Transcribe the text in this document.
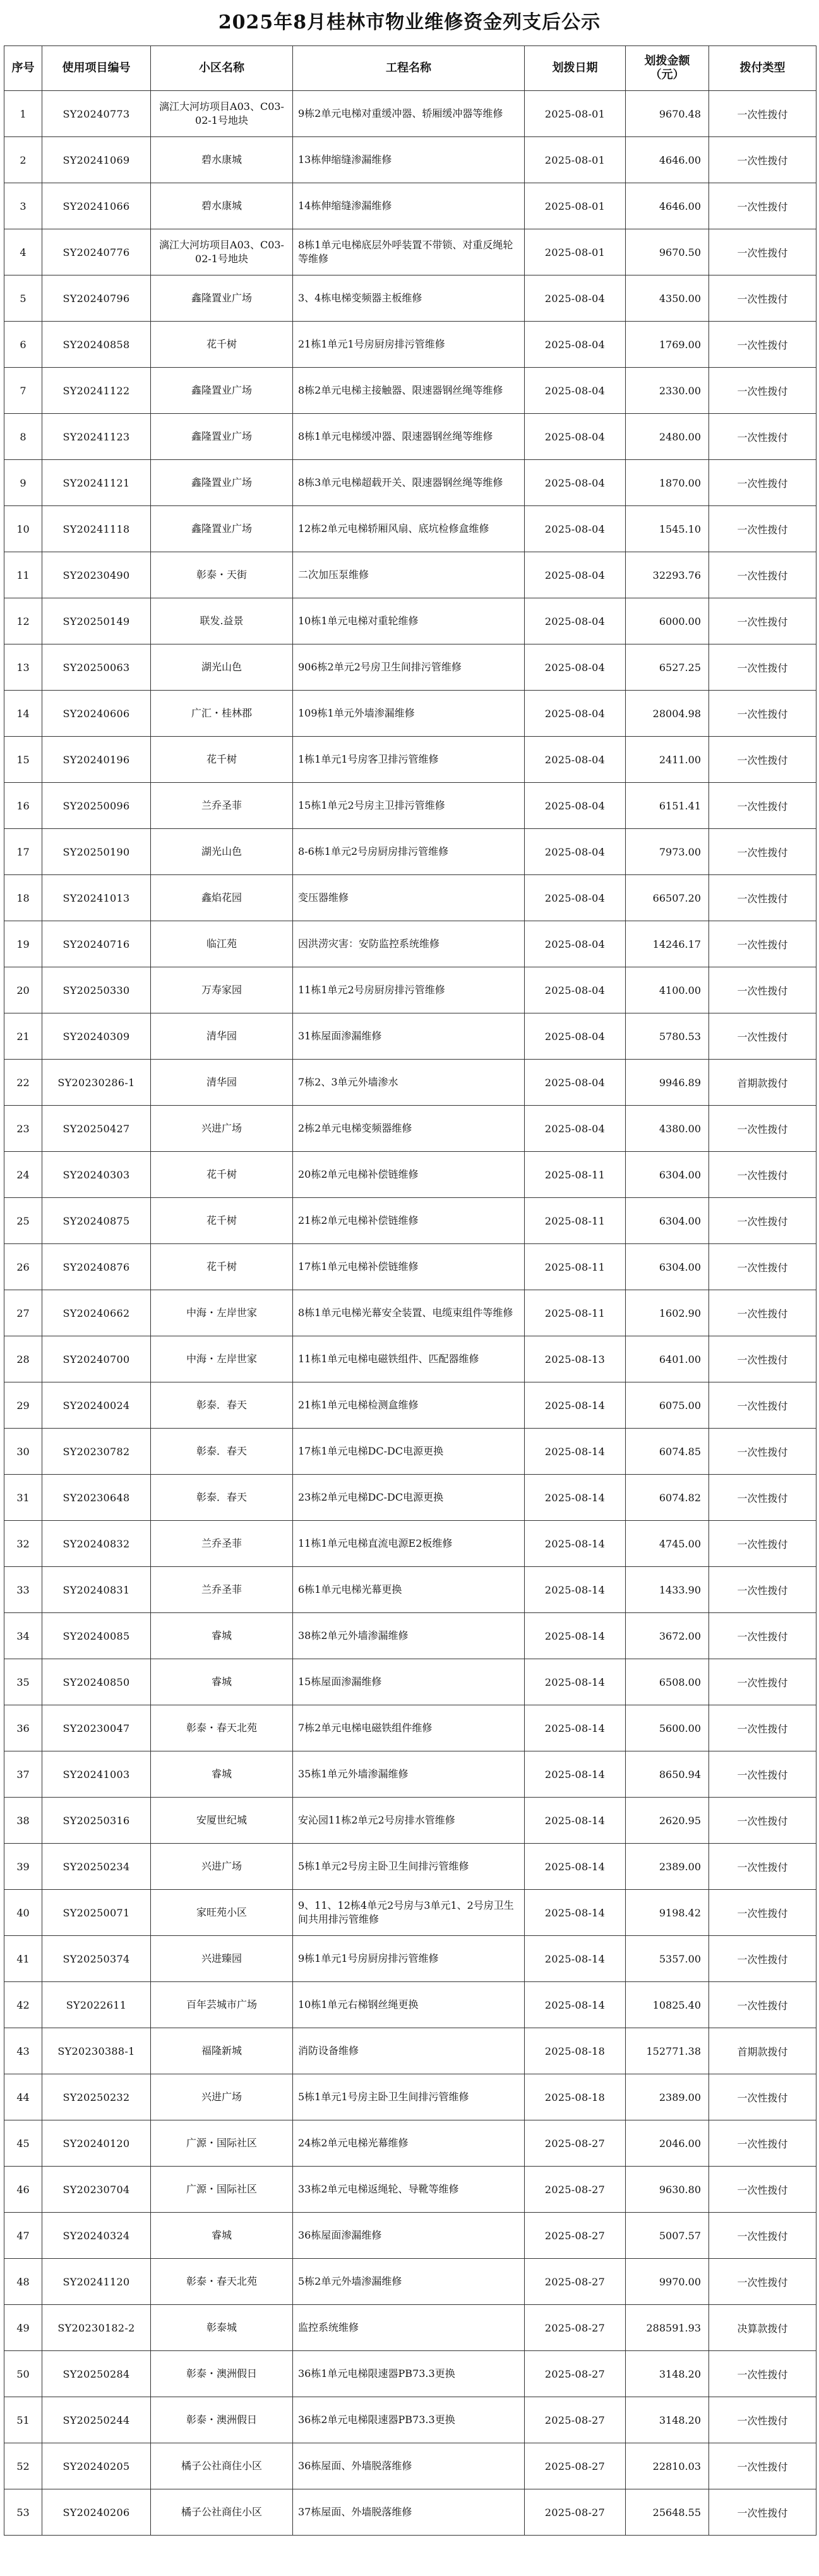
2025年8月桂林市物业维修资金列支后公示
序号	使用项目编号	小区名称	工程名称	划拨日期	划拨金额（元）	拨付类型
1	SY20240773	漓江大河坊项目A03、C03-02-1号地块	9栋2单元电梯对重缓冲器、轿厢缓冲器等维修	2025-08-01	9670.48	一次性拨付
2	SY20241069	碧水康城	13栋伸缩缝渗漏维修	2025-08-01	4646.00	一次性拨付
3	SY20241066	碧水康城	14栋伸缩缝渗漏维修	2025-08-01	4646.00	一次性拨付
4	SY20240776	漓江大河坊项目A03、C03-02-1号地块	8栋1单元电梯底层外呼装置不带锁、对重反绳轮等维修	2025-08-01	9670.50	一次性拨付
5	SY20240796	鑫隆置业广场	3、4栋电梯变频器主板维修	2025-08-04	4350.00	一次性拨付
6	SY20240858	花千树	21栋1单元1号房厨房排污管维修	2025-08-04	1769.00	一次性拨付
7	SY20241122	鑫隆置业广场	8栋2单元电梯主接触器、限速器钢丝绳等维修	2025-08-04	2330.00	一次性拨付
8	SY20241123	鑫隆置业广场	8栋1单元电梯缓冲器、限速器钢丝绳等维修	2025-08-04	2480.00	一次性拨付
9	SY20241121	鑫隆置业广场	8栋3单元电梯超载开关、限速器钢丝绳等维修	2025-08-04	1870.00	一次性拨付
10	SY20241118	鑫隆置业广场	12栋2单元电梯轿厢风扇、底坑检修盒维修	2025-08-04	1545.10	一次性拨付
11	SY20230490	彰泰・天街	二次加压泵维修	2025-08-04	32293.76	一次性拨付
12	SY20250149	联发.益景	10栋1单元电梯对重轮维修	2025-08-04	6000.00	一次性拨付
13	SY20250063	湖光山色	906栋2单元2号房卫生间排污管维修	2025-08-04	6527.25	一次性拨付
14	SY20240606	广汇・桂林郡	109栋1单元外墙渗漏维修	2025-08-04	28004.98	一次性拨付
15	SY20240196	花千树	1栋1单元1号房客卫排污管维修	2025-08-04	2411.00	一次性拨付
16	SY20250096	兰乔圣菲	15栋1单元2号房主卫排污管维修	2025-08-04	6151.41	一次性拨付
17	SY20250190	湖光山色	8-6栋1单元2号房厨房排污管维修	2025-08-04	7973.00	一次性拨付
18	SY20241013	鑫焰花园	变压器维修	2025-08-04	66507.20	一次性拨付
19	SY20240716	临江苑	因洪涝灾害：安防监控系统维修	2025-08-04	14246.17	一次性拨付
20	SY20250330	万寿家园	11栋1单元2号房厨房排污管维修	2025-08-04	4100.00	一次性拨付
21	SY20240309	清华园	31栋屋面渗漏维修	2025-08-04	5780.53	一次性拨付
22	SY20230286-1	清华园	7栋2、3单元外墙渗水	2025-08-04	9946.89	首期款拨付
23	SY20250427	兴进广场	2栋2单元电梯变频器维修	2025-08-04	4380.00	一次性拨付
24	SY20240303	花千树	20栋2单元电梯补偿链维修	2025-08-11	6304.00	一次性拨付
25	SY20240875	花千树	21栋2单元电梯补偿链维修	2025-08-11	6304.00	一次性拨付
26	SY20240876	花千树	17栋1单元电梯补偿链维修	2025-08-11	6304.00	一次性拨付
27	SY20240662	中海・左岸世家	8栋1单元电梯光幕安全装置、电缆束组件等维修	2025-08-11	1602.90	一次性拨付
28	SY20240700	中海・左岸世家	11栋1单元电梯电磁铁组件、匹配器维修	2025-08-13	6401.00	一次性拨付
29	SY20240024	彰泰．春天	21栋1单元电梯检测盒维修	2025-08-14	6075.00	一次性拨付
30	SY20230782	彰泰．春天	17栋1单元电梯DC-DC电源更换	2025-08-14	6074.85	一次性拨付
31	SY20230648	彰泰．春天	23栋2单元电梯DC-DC电源更换	2025-08-14	6074.82	一次性拨付
32	SY20240832	兰乔圣菲	11栋1单元电梯直流电源E2板维修	2025-08-14	4745.00	一次性拨付
33	SY20240831	兰乔圣菲	6栋1单元电梯光幕更换	2025-08-14	1433.90	一次性拨付
34	SY20240085	睿城	38栋2单元外墙渗漏维修	2025-08-14	3672.00	一次性拨付
35	SY20240850	睿城	15栋屋面渗漏维修	2025-08-14	6508.00	一次性拨付
36	SY20230047	彰泰・春天北苑	7栋2单元电梯电磁铁组件维修	2025-08-14	5600.00	一次性拨付
37	SY20241003	睿城	35栋1单元外墙渗漏维修	2025-08-14	8650.94	一次性拨付
38	SY20250316	安厦世纪城	安沁园11栋2单元2号房排水管维修	2025-08-14	2620.95	一次性拨付
39	SY20250234	兴进广场	5栋1单元2号房主卧卫生间排污管维修	2025-08-14	2389.00	一次性拨付
40	SY20250071	家旺苑小区	9、11、12栋4单元2号房与3单元1、2号房卫生间共用排污管维修	2025-08-14	9198.42	一次性拨付
41	SY20250374	兴进臻园	9栋1单元1号房厨房排污管维修	2025-08-14	5357.00	一次性拨付
42	SY2022611	百年芸城市广场	10栋1单元右梯钢丝绳更换	2025-08-14	10825.40	一次性拨付
43	SY20230388-1	福隆新城	消防设备维修	2025-08-18	152771.38	首期款拨付
44	SY20250232	兴进广场	5栋1单元1号房主卧卫生间排污管维修	2025-08-18	2389.00	一次性拨付
45	SY20240120	广源・国际社区	24栋2单元电梯光幕维修	2025-08-27	2046.00	一次性拨付
46	SY20230704	广源・国际社区	33栋2单元电梯返绳轮、导靴等维修	2025-08-27	9630.80	一次性拨付
47	SY20240324	睿城	36栋屋面渗漏维修	2025-08-27	5007.57	一次性拨付
48	SY20241120	彰泰・春天北苑	5栋2单元外墙渗漏维修	2025-08-27	9970.00	一次性拨付
49	SY20230182-2	彰泰城	监控系统维修	2025-08-27	288591.93	决算款拨付
50	SY20250284	彰泰・澳洲假日	36栋1单元电梯限速器PB73.3更换	2025-08-27	3148.20	一次性拨付
51	SY20250244	彰泰・澳洲假日	36栋2单元电梯限速器PB73.3更换	2025-08-27	3148.20	一次性拨付
52	SY20240205	橘子公社商住小区	36栋屋面、外墙脱落维修	2025-08-27	22810.03	一次性拨付
53	SY20240206	橘子公社商住小区	37栋屋面、外墙脱落维修	2025-08-27	25648.55	一次性拨付
